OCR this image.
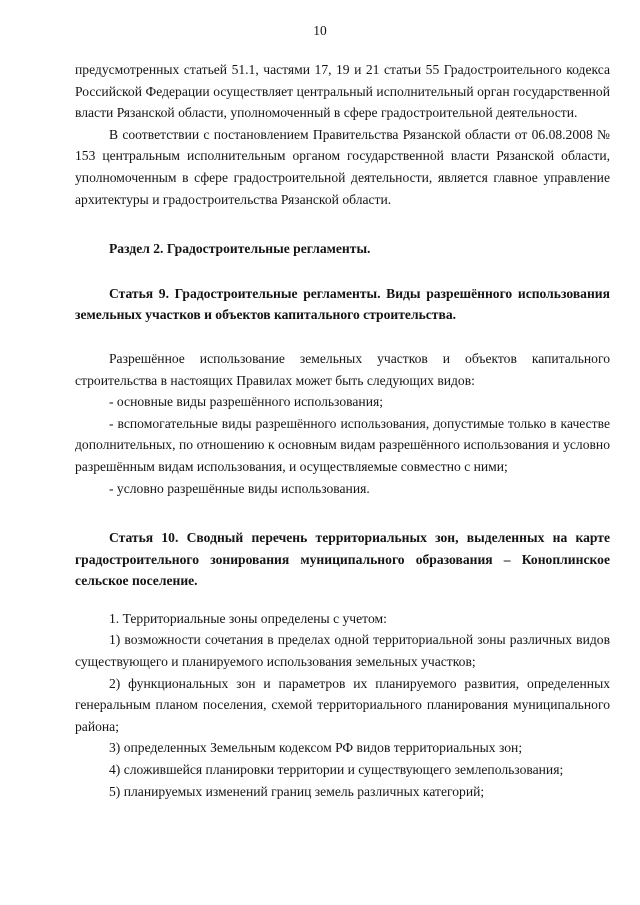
10

предусмотренных статьей 51.1, частями 17, 19 и 21 статьи 55 Градостроительного кодекса Российской Федерации осуществляет центральный исполнительный орган государственной власти Рязанской области, уполномоченный в сфере градостроительной деятельности.

В соответствии с постановлением Правительства Рязанской области от 06.08.2008 № 153 центральным исполнительным органом государственной власти Рязанской области, уполномоченным в сфере градостроительной деятельности, является главное управление архитектуры и градостроительства Рязанской области.

Раздел 2. Градостроительные регламенты.

Статья 9. Градостроительные регламенты. Виды разрешённого использования земельных участков и объектов капитального строительства.

Разрешённое использование земельных участков и объектов капитального строительства в настоящих Правилах может быть следующих видов:

- основные виды разрешённого использования;

- вспомогательные виды разрешённого использования, допустимые только в качестве дополнительных, по отношению к основным видам разрешённого использования и условно разрешённым видам использования, и осуществляемые совместно с ними;

- условно разрешённые виды использования.

Статья 10. Сводный перечень территориальных зон, выделенных на карте градостроительного зонирования муниципального образования – Коноплинское сельское поселение.

1. Территориальные зоны определены с учетом:

1) возможности сочетания в пределах одной территориальной зоны различных видов существующего и планируемого использования земельных участков;

2) функциональных зон и параметров их планируемого развития, определенных генеральным планом поселения, схемой территориального планирования муниципального района;

3) определенных Земельным кодексом РФ видов территориальных зон;

4) сложившейся планировки территории и существующего землепользования;

5) планируемых изменений границ земель различных категорий;
